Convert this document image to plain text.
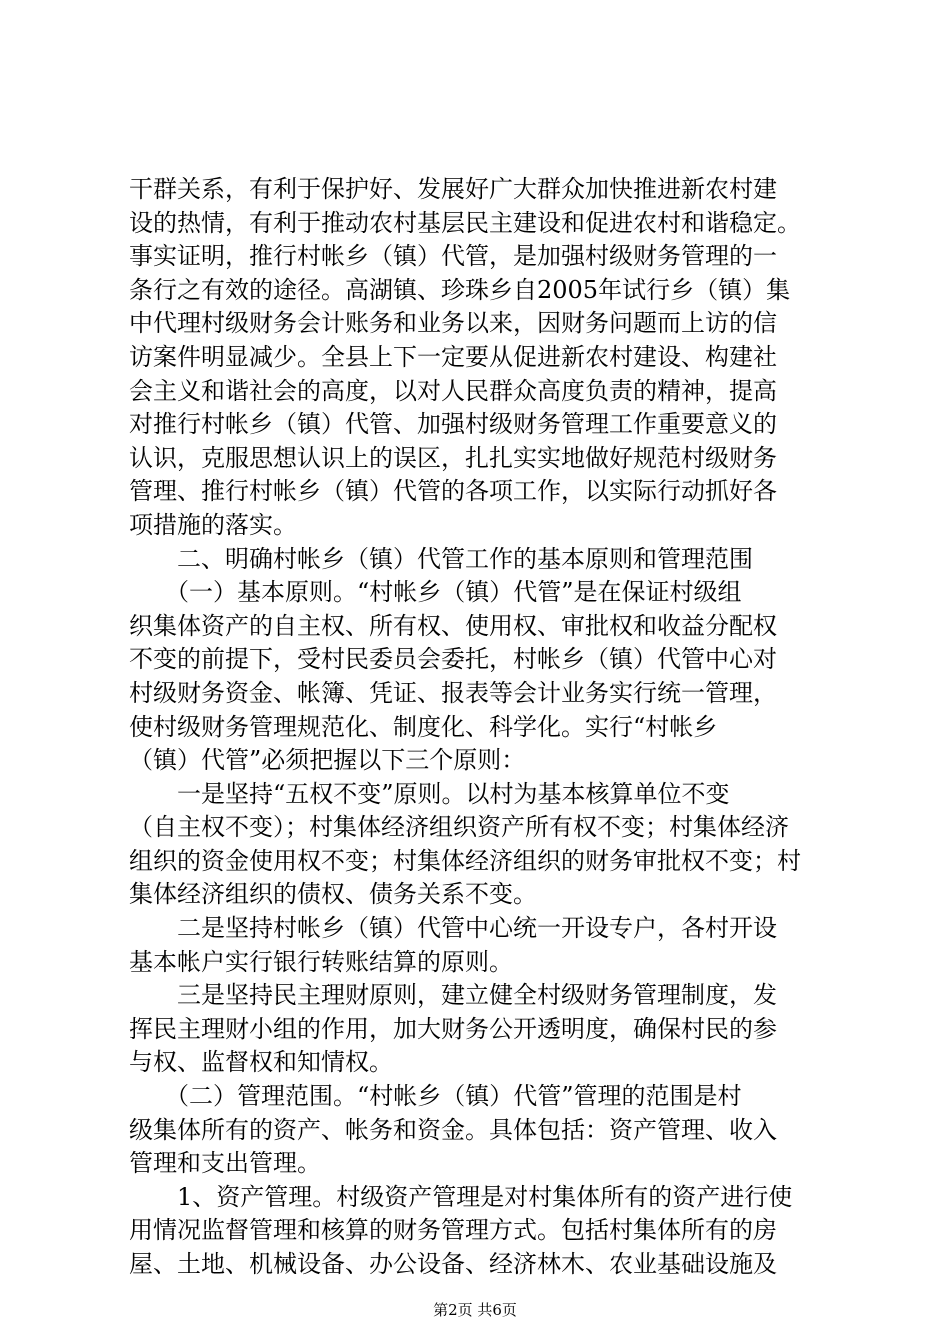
干群关系，有利于保护好、发展好广大群众加快推进新农村建
设的热情，有利于推动农村基层民主建设和促进农村和谐稳定。
事实证明，推行村帐乡（镇）代管，是加强村级财务管理的一
条行之有效的途径。高湖镇、珍珠乡自2005年试行乡（镇）集
中代理村级财务会计账务和业务以来，因财务问题而上访的信
访案件明显减少。全县上下一定要从促进新农村建设、构建社
会主义和谐社会的高度，以对人民群众高度负责的精神，提高
对推行村帐乡（镇）代管、加强村级财务管理工作重要意义的
认识，克服思想认识上的误区，扎扎实实地做好规范村级财务
管理、推行村帐乡（镇）代管的各项工作，以实际行动抓好各
项措施的落实。
　　二、明确村帐乡（镇）代管工作的基本原则和管理范围
　　（一）基本原则。“村帐乡（镇）代管”是在保证村级组
织集体资产的自主权、所有权、使用权、审批权和收益分配权
不变的前提下，受村民委员会委托，村帐乡（镇）代管中心对
村级财务资金、帐簿、凭证、报表等会计业务实行统一管理，
使村级财务管理规范化、制度化、科学化。实行“村帐乡
（镇）代管”必须把握以下三个原则：
　　一是坚持“五权不变”原则。以村为基本核算单位不变
（自主权不变）；村集体经济组织资产所有权不变；村集体经济
组织的资金使用权不变；村集体经济组织的财务审批权不变；村
集体经济组织的债权、债务关系不变。
　　二是坚持村帐乡（镇）代管中心统一开设专户，各村开设
基本帐户实行银行转账结算的原则。
　　三是坚持民主理财原则，建立健全村级财务管理制度，发
挥民主理财小组的作用，加大财务公开透明度，确保村民的参
与权、监督权和知情权。
　　（二）管理范围。“村帐乡（镇）代管”管理的范围是村
级集体所有的资产、帐务和资金。具体包括：资产管理、收入
管理和支出管理。
　　1、资产管理。村级资产管理是对村集体所有的资产进行使
用情况监督管理和核算的财务管理方式。包括村集体所有的房
屋、土地、机械设备、办公设备、经济林木、农业基础设施及
第2页 共6页
